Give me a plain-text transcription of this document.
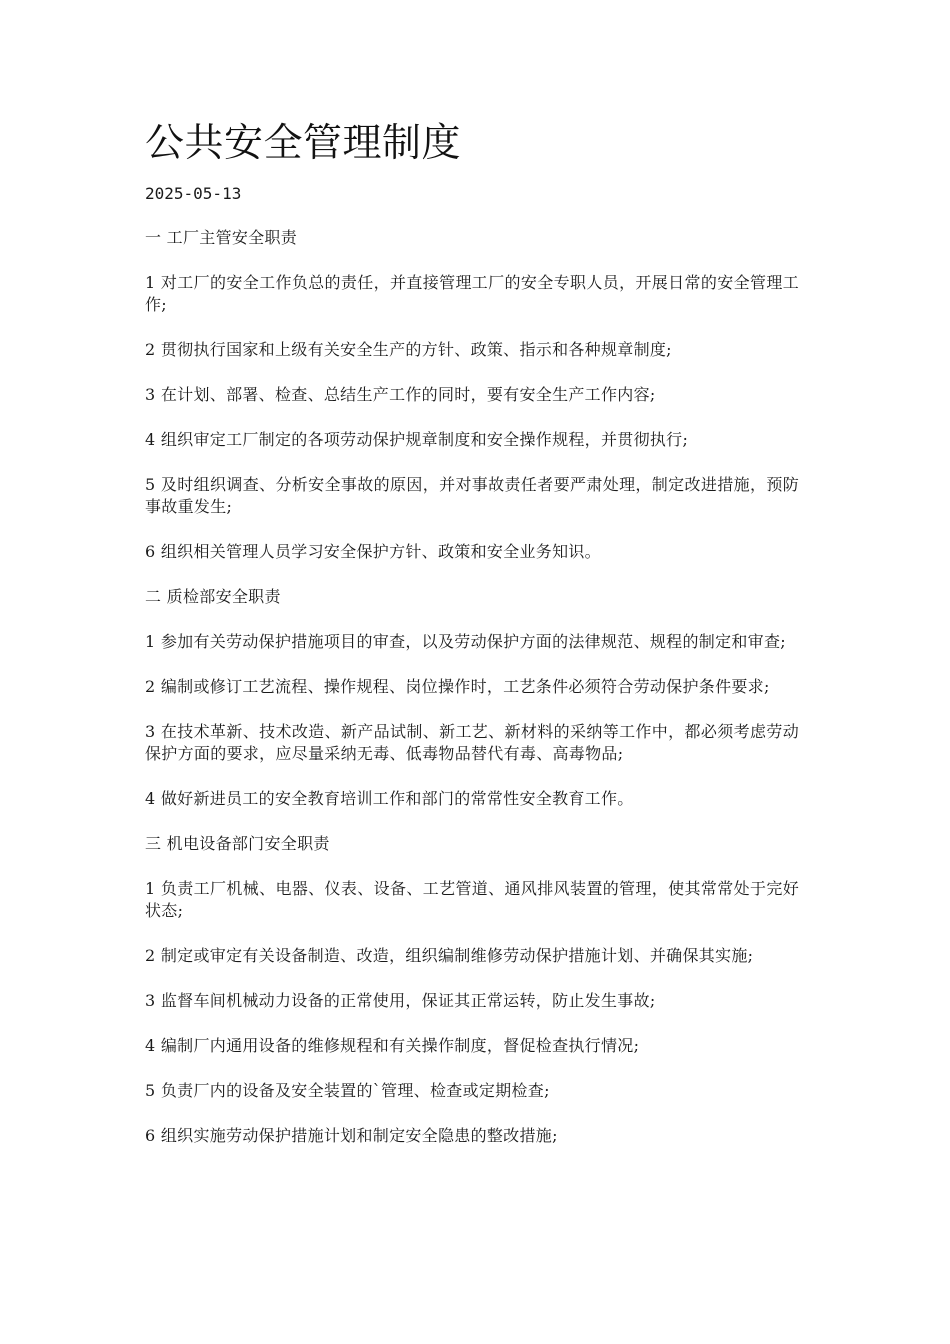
公共安全管理制度
2025-05-13

一 工厂主管安全职责

1 对工厂的安全工作负总的责任，并直接管理工厂的安全专职人员，开展日常的安全管理工作;

2 贯彻执行国家和上级有关安全生产的方针、政策、指示和各种规章制度;

3 在计划、部署、检查、总结生产工作的同时，要有安全生产工作内容;

4 组织审定工厂制定的各项劳动保护规章制度和安全操作规程，并贯彻执行;

5 及时组织调查、分析安全事故的原因，并对事故责任者要严肃处理，制定改进措施，预防事故重发生;

6 组织相关管理人员学习安全保护方针、政策和安全业务知识。

二 质检部安全职责

1 参加有关劳动保护措施项目的审查，以及劳动保护方面的法律规范、规程的制定和审查;

2 编制或修订工艺流程、操作规程、岗位操作时，工艺条件必须符合劳动保护条件要求;

3 在技术革新、技术改造、新产品试制、新工艺、新材料的采纳等工作中，都必须考虑劳动保护方面的要求，应尽量采纳无毒、低毒物品替代有毒、高毒物品;

4 做好新进员工的安全教育培训工作和部门的常常性安全教育工作。

三 机电设备部门安全职责

1 负责工厂机械、电器、仪表、设备、工艺管道、通风排风装置的管理，使其常常处于完好状态;

2 制定或审定有关设备制造、改造，组织编制维修劳动保护措施计划、并确保其实施;

3 监督车间机械动力设备的正常使用，保证其正常运转，防止发生事故;

4 编制厂内通用设备的维修规程和有关操作制度，督促检查执行情况;

5 负责厂内的设备及安全装置的`管理、检查或定期检查;

6 组织实施劳动保护措施计划和制定安全隐患的整改措施;
